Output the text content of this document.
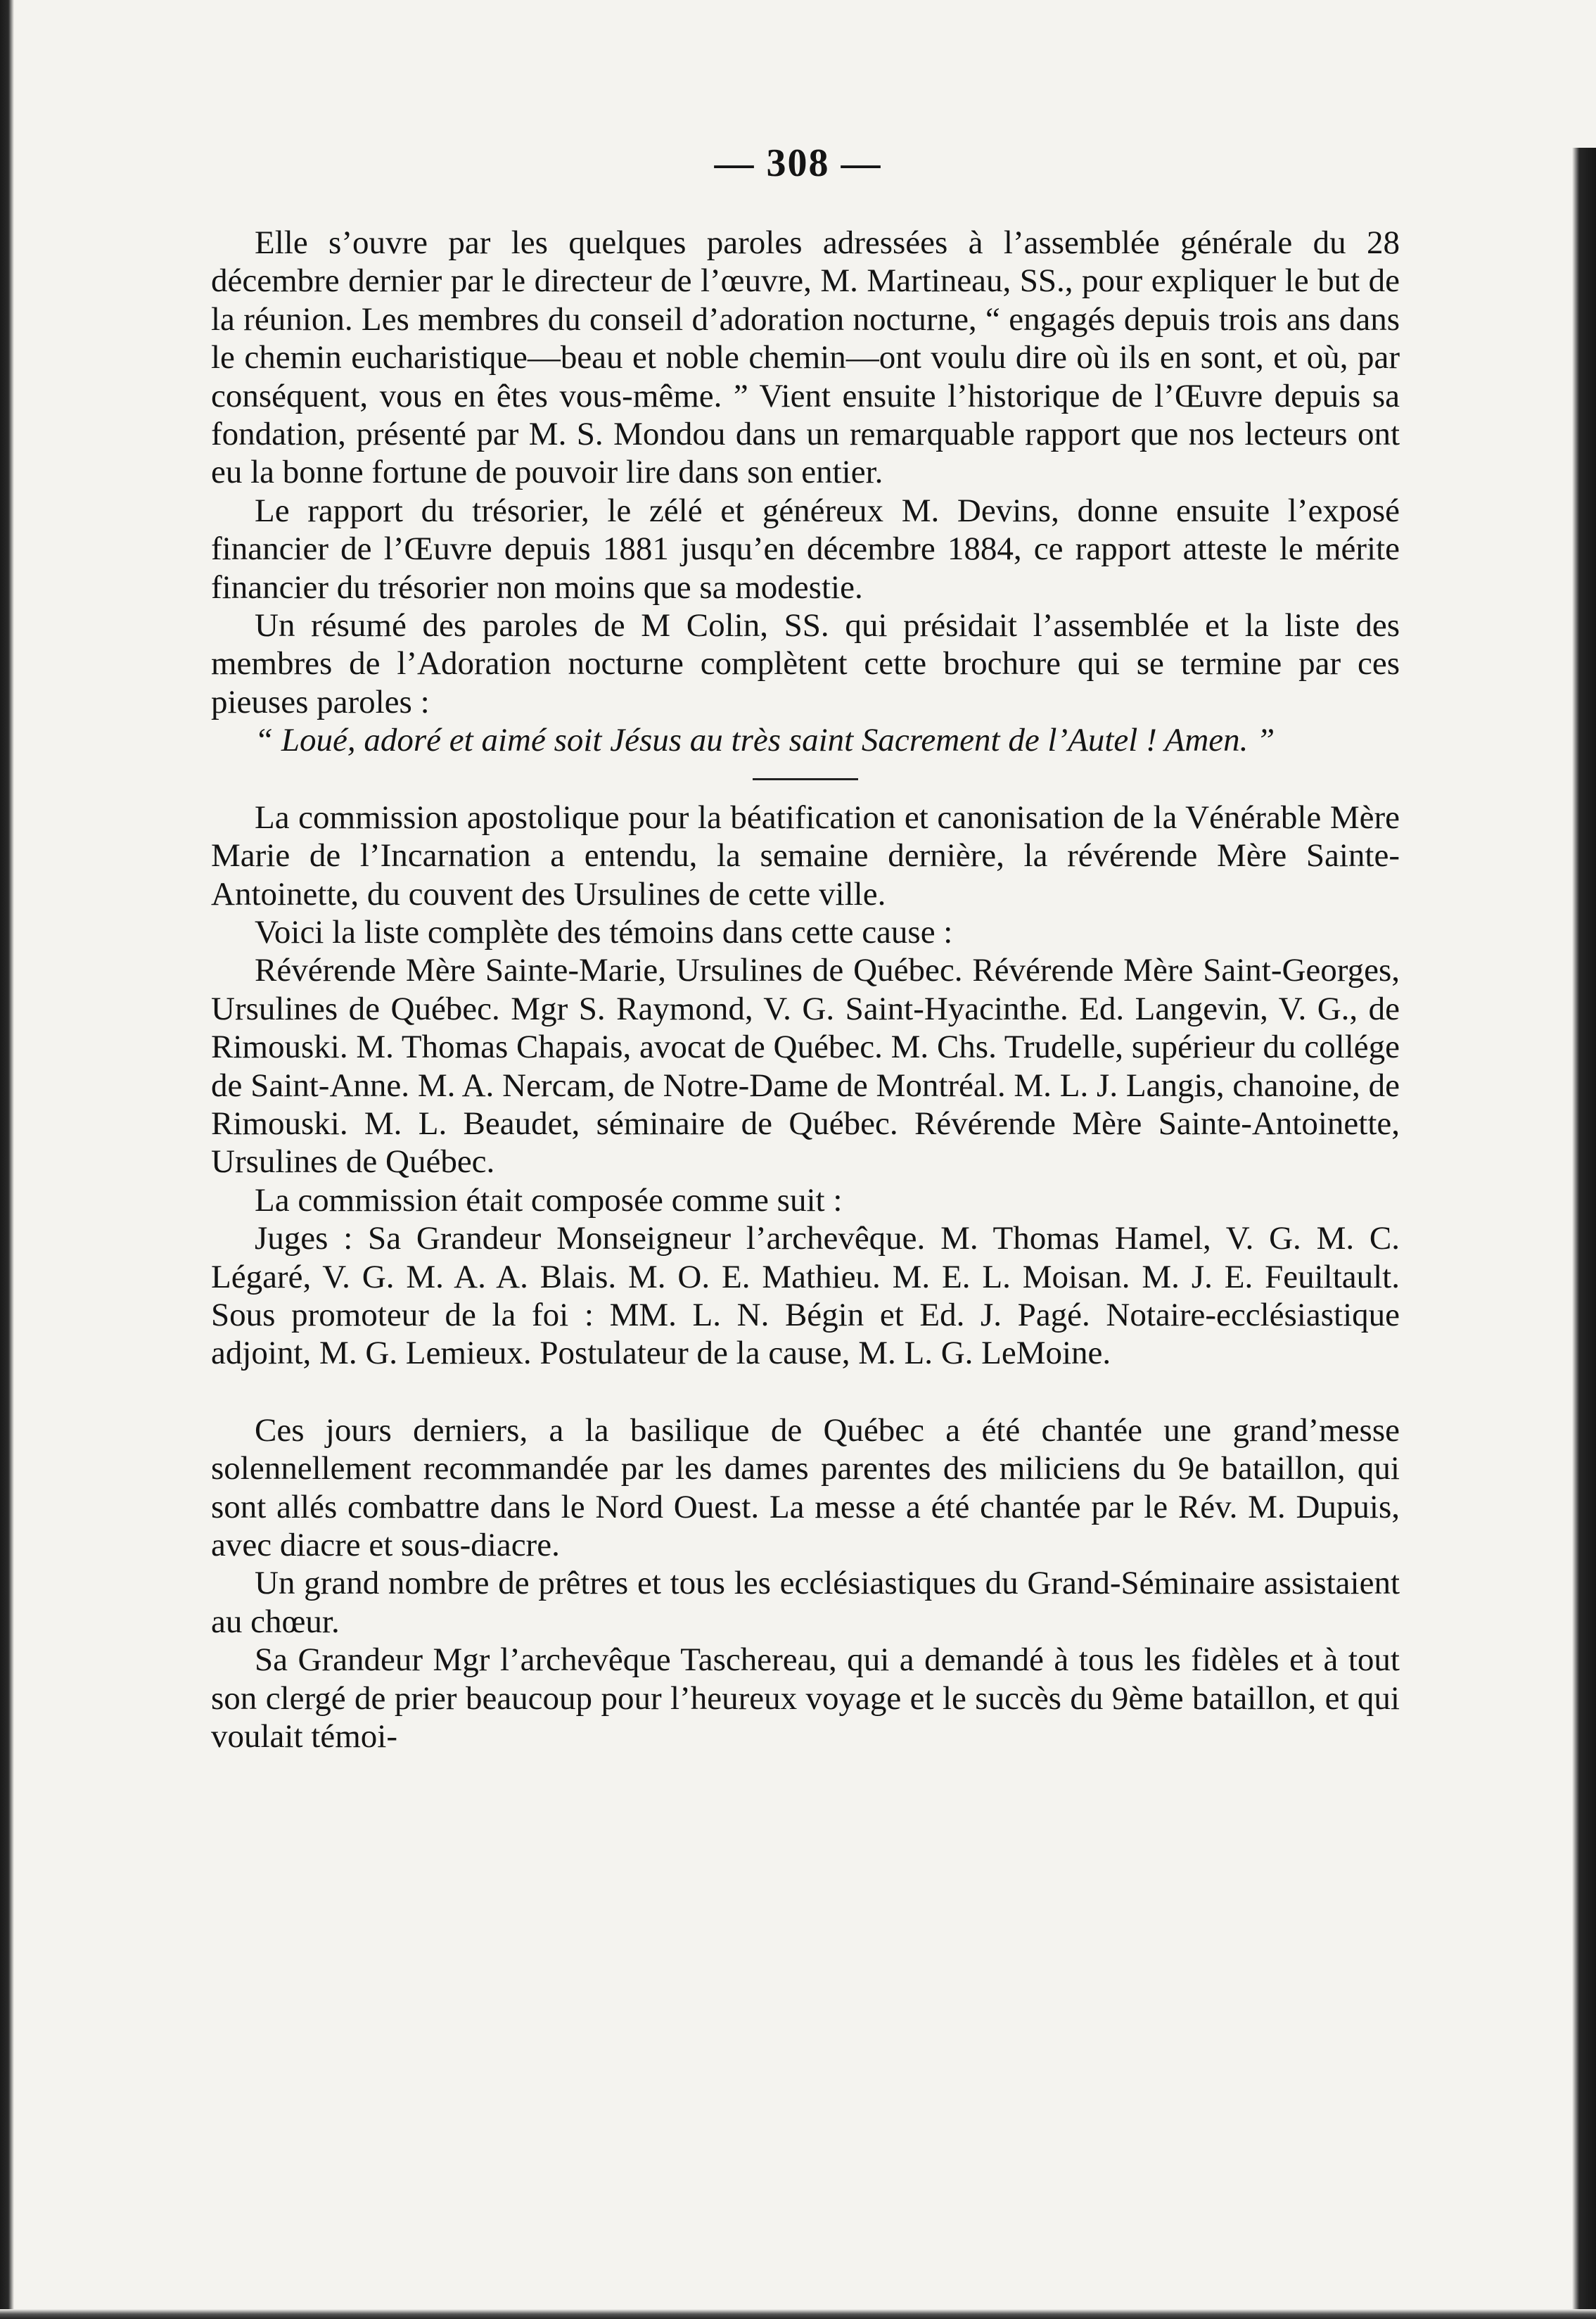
— 308 —

Elle s’ouvre par les quelques paroles adressées à l’assemblée générale du 28 décembre dernier par le directeur de l’œuvre, M. Martineau, SS., pour expliquer le but de la réunion. Les membres du conseil d’adoration nocturne, “ engagés depuis trois ans dans le chemin eucharistique—beau et noble chemin—ont voulu dire où ils en sont, et où, par conséquent, vous en êtes vous-même. ” Vient ensuite l’historique de l’Œuvre depuis sa fondation, présenté par M. S. Mondou dans un remarquable rapport que nos lecteurs ont eu la bonne fortune de pouvoir lire dans son entier.

Le rapport du trésorier, le zélé et généreux M. Devins, donne ensuite l’exposé financier de l’Œuvre depuis 1881 jusqu’en décembre 1884, ce rapport atteste le mérite financier du trésorier non moins que sa modestie.

Un résumé des paroles de M Colin, SS. qui présidait l’assemblée et la liste des membres de l’Adoration nocturne complètent cette brochure qui se termine par ces pieuses paroles :

“ Loué, adoré et aimé soit Jésus au très saint Sacrement de l’Autel ! Amen. ”

La commission apostolique pour la béatification et canonisation de la Vénérable Mère Marie de l’Incarnation a entendu, la semaine dernière, la révérende Mère Sainte-Antoinette, du couvent des Ursulines de cette ville.

Voici la liste complète des témoins dans cette cause :

Révérende Mère Sainte-Marie, Ursulines de Québec. Révérende Mère Saint-Georges, Ursulines de Québec. Mgr S. Raymond, V. G. Saint-Hyacinthe. Ed. Langevin, V. G., de Rimouski. M. Thomas Chapais, avocat de Québec. M. Chs. Trudelle, supérieur du collége de Saint-Anne. M. A. Nercam, de Notre-Dame de Montréal. M. L. J. Langis, chanoine, de Rimouski. M. L. Beaudet, séminaire de Québec. Révérende Mère Sainte-Antoinette, Ursulines de Québec.

La commission était composée comme suit :

Juges : Sa Grandeur Monseigneur l’archevêque. M. Thomas Hamel, V. G. M. C. Légaré, V. G. M. A. A. Blais. M. O. E. Mathieu. M. E. L. Moisan. M. J. E. Feuiltault. Sous promoteur de la foi : MM. L. N. Bégin et Ed. J. Pagé. Notaire-ecclésiastique adjoint, M. G. Lemieux. Postulateur de la cause, M. L. G. LeMoine.

Ces jours derniers, a la basilique de Québec a été chantée une grand’messe solennellement recommandée par les dames parentes des miliciens du 9e bataillon, qui sont allés combattre dans le Nord Ouest. La messe a été chantée par le Rév. M. Dupuis, avec diacre et sous-diacre.

Un grand nombre de prêtres et tous les ecclésiastiques du Grand-Séminaire assistaient au chœur.

Sa Grandeur Mgr l’archevêque Taschereau, qui a demandé à tous les fidèles et à tout son clergé de prier beaucoup pour l’heureux voyage et le succès du 9ème bataillon, et qui voulait témoi-
